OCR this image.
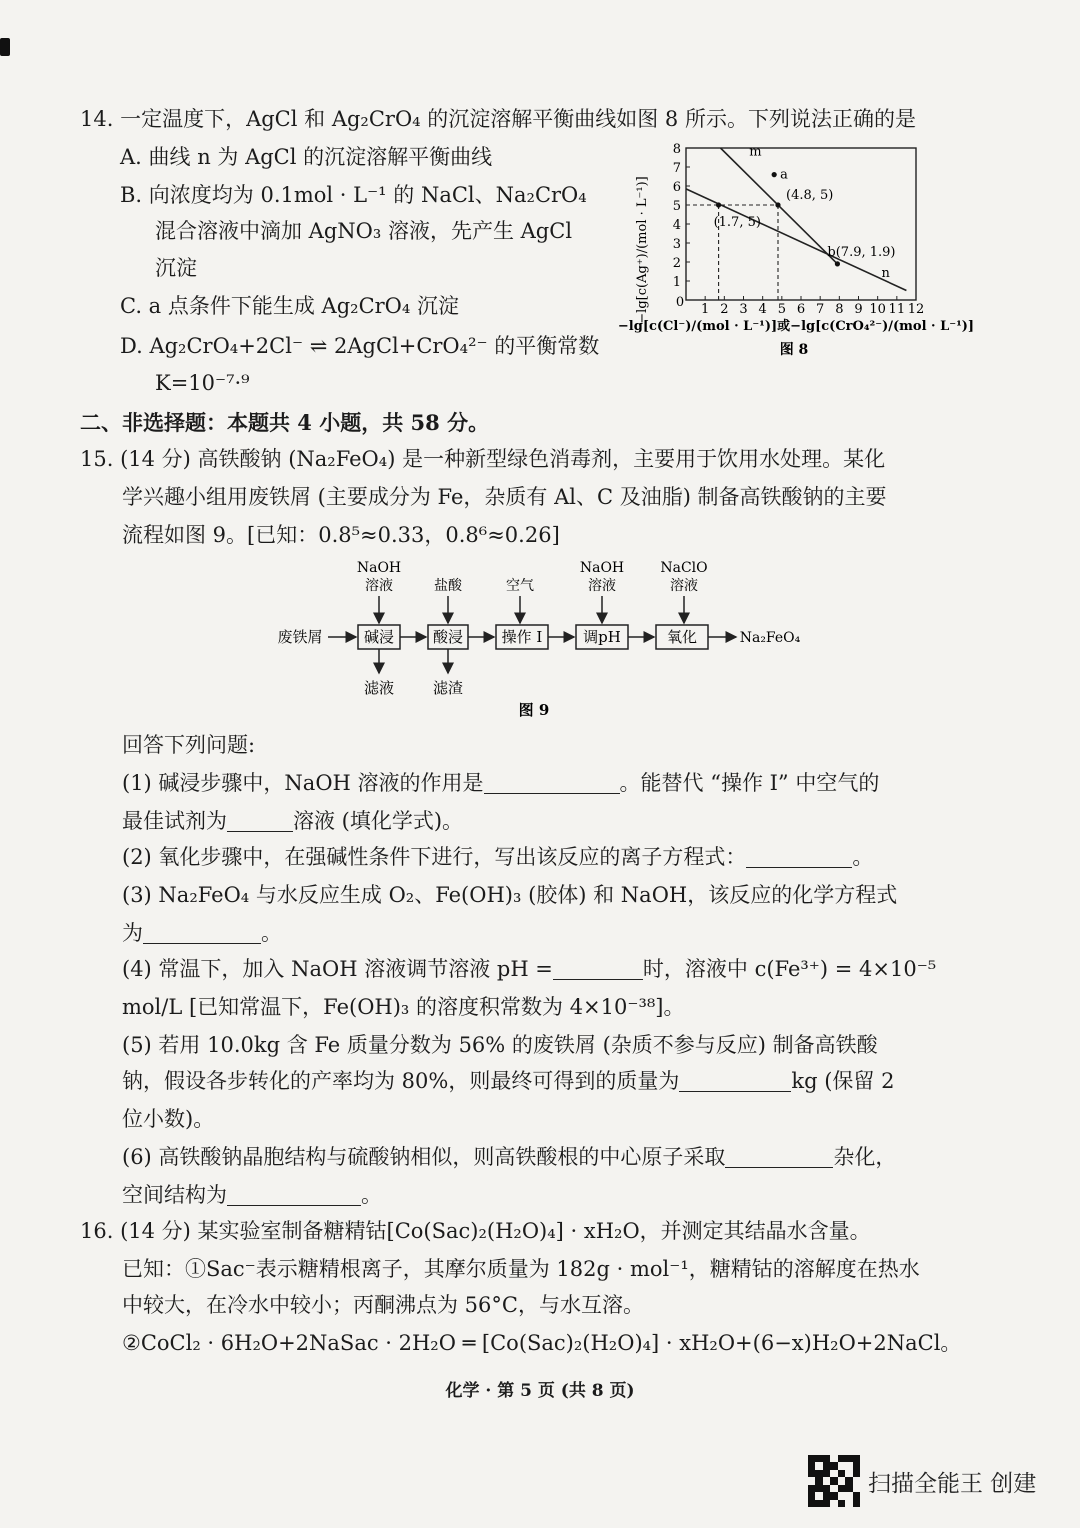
14. 一定温度下，AgCl 和 Ag₂CrO₄ 的沉淀溶解平衡曲线如图 8 所示。下列说法正确的是
A. 曲线 n 为 AgCl 的沉淀溶解平衡曲线
B. 向浓度均为 0.1mol · L⁻¹ 的 NaCl、Na₂CrO₄
混合溶液中滴加 AgNO₃ 溶液，先产生 AgCl
沉淀
C. a 点条件下能生成 Ag₂CrO₄ 沉淀
D. Ag₂CrO₄+2Cl⁻ ⇌ 2AgCl+CrO₄²⁻ 的平衡常数
K=10⁻⁷·⁹
1 2 3 4 5 6 7 8 9 10 11 12
0
1
2
3
4
5
6
7
8
a
(1.7, 5)
(4.8, 5)
b(7.9, 1.9)
m
n
−lg[c(Ag⁺)/(mol · L⁻¹)]
−lg[c(Cl⁻)/(mol · L⁻¹)]或−lg[c(CrO₄²⁻)/(mol · L⁻¹)]
图 8
二、非选择题：本题共 4 小题，共 58 分。
15. (14 分) 高铁酸钠 (Na₂FeO₄) 是一种新型绿色消毒剂，主要用于饮用水处理。某化
学兴趣小组用废铁屑 (主要成分为 Fe，杂质有 Al、C 及油脂) 制备高铁酸钠的主要
流程如图 9。[已知：0.8⁵≈0.33，0.8⁶≈0.26]
废铁屑	碱浸	酸浸	操作 I	调pH	氧化	Na₂FeO₄
NaOH
溶液	盐酸	空气
NaOH
溶液
NaClO
溶液
滤液	滤渣
图 9
回答下列问题:
(1) 碱浸步骤中，NaOH 溶液的作用是	。能替代 “操作 I” 中空气的
最佳试剂为	溶液 (填化学式)。
(2) 氧化步骤中，在强碱性条件下进行，写出该反应的离子方程式：	。
(3) Na₂FeO₄ 与水反应生成 O₂、Fe(OH)₃ (胶体) 和 NaOH，该反应的化学方程式
为	。
(4) 常温下，加入 NaOH 溶液调节溶液 pH =	时，溶液中 c(Fe³⁺) = 4×10⁻⁵
mol/L [已知常温下，Fe(OH)₃ 的溶度积常数为 4×10⁻³⁸]。
(5) 若用 10.0kg 含 Fe 质量分数为 56% 的废铁屑 (杂质不参与反应) 制备高铁酸
钠，假设各步转化的产率均为 80%，则最终可得到的质量为	kg (保留 2
位小数)。
(6) 高铁酸钠晶胞结构与硫酸钠相似，则高铁酸根的中心原子采取	杂化，
空间结构为	。
16. (14 分) 某实验室制备糖精钴[Co(Sac)₂(H₂O)₄] · xH₂O，并测定其结晶水含量。
已知：①Sac⁻表示糖精根离子，其摩尔质量为 182g · mol⁻¹，糖精钴的溶解度在热水
中较大，在冷水中较小；丙酮沸点为 56°C，与水互溶。
②CoCl₂ · 6H₂O+2NaSac · 2H₂O ═ [Co(Sac)₂(H₂O)₄] · xH₂O+(6−x)H₂O+2NaCl。
化学 · 第 5 页 (共 8 页)
扫描全能王 创建
